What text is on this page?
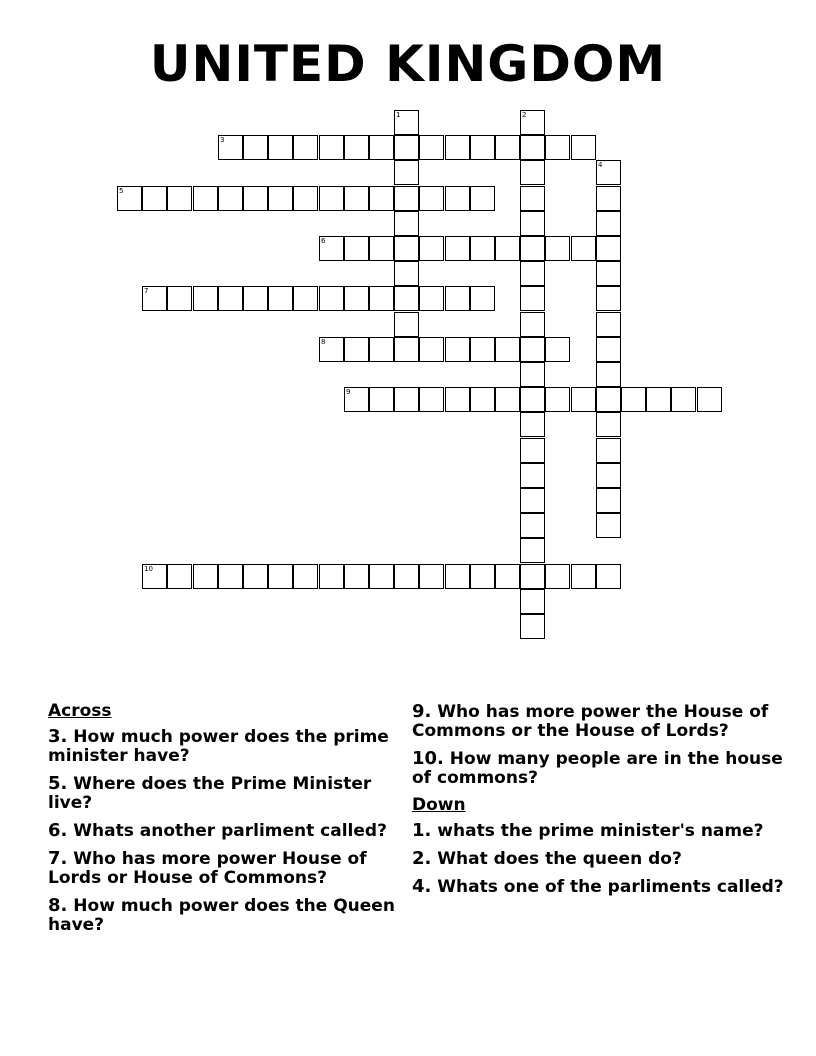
UNITED KINGDOM
1	2
3
4
5
6
7
8
9
10
Across
3. How much power does the prime minister have?
5. Where does the Prime Minister live?
6. Whats another parliment called?
7. Who has more power House of Lords or House of Commons?
8. How much power does the Queen have?
9. Who has more power the House of Commons or the House of Lords?
10. How many people are in the house of commons?
Down
1. whats the prime minister's name?
2. What does the queen do?
4. Whats one of the parliments called?
